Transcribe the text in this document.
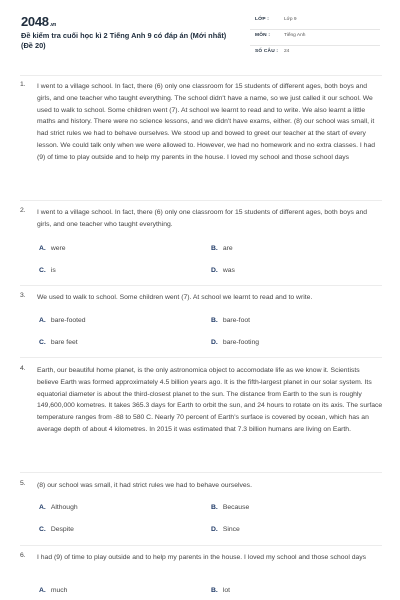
2048.vn
Đề kiểm tra cuối học kì 2 Tiếng Anh 9 có đáp án (Mới nhất) (Đề 20)
LỚP :	Lớp 9
MÔN :	Tiếng Anh
SỐ CÂU : 24
1. I went to a village school. In fact, there (6) only one classroom for 15 students of different ages, both boys and girls, and one teacher who taught everything. The school didn't have a name, so we just called it our school. We used to walk to school. Some children went (7). At school we learnt to read and to write. We also learnt a little maths and history. There were no science lessons, and we didn't have exams, either. (8) our school was small, it had strict rules we had to behave ourselves. We stood up and bowed to greet our teacher at the start of every lesson. We could talk only when we were allowed to. However, we had no homework and no extra classes. I had (9) of time to play outside and to help my parents in the house. I loved my school and those school days
2. I went to a village school. In fact, there (6) only one classroom for 15 students of different ages, both boys and girls, and one teacher who taught everything.
A. were	B. are
C. is	D. was
3. We used to walk to school. Some children went (7). At school we learnt to read and to write.
A. bare-footed	B. bare-foot
C. bare feet	D. bare-footing
4. Earth, our beautiful home planet, is the only astronomica object to accomodate life as we know it. Scientists believe Earth was formed approximately 4.5 billion years ago. It is the fifth-largest planet in our solar system. Its equatorial diameter is about the third-closest planet to the sun. The distance from Earth to the sun is roughly 149,600,000 kometres. It takes 365.3 days for Earth to orbit the sun, and 24 hours to rotate on its axis. The surface temperature ranges from -88 to 580 C. Nearly 70 percent of Earth's surface is covered by ocean, which has an average depth of about 4 kilometres. In 2015 it was estimated that 7.3 billion humans are living on Earth.
5. (8) our school was small, it had strict rules we had to behave ourselves.
A. Although	B. Because
C. Despite	D. Since
6. I had (9) of time to play outside and to help my parents in the house. I loved my school and those school days
A. much	B. lot
